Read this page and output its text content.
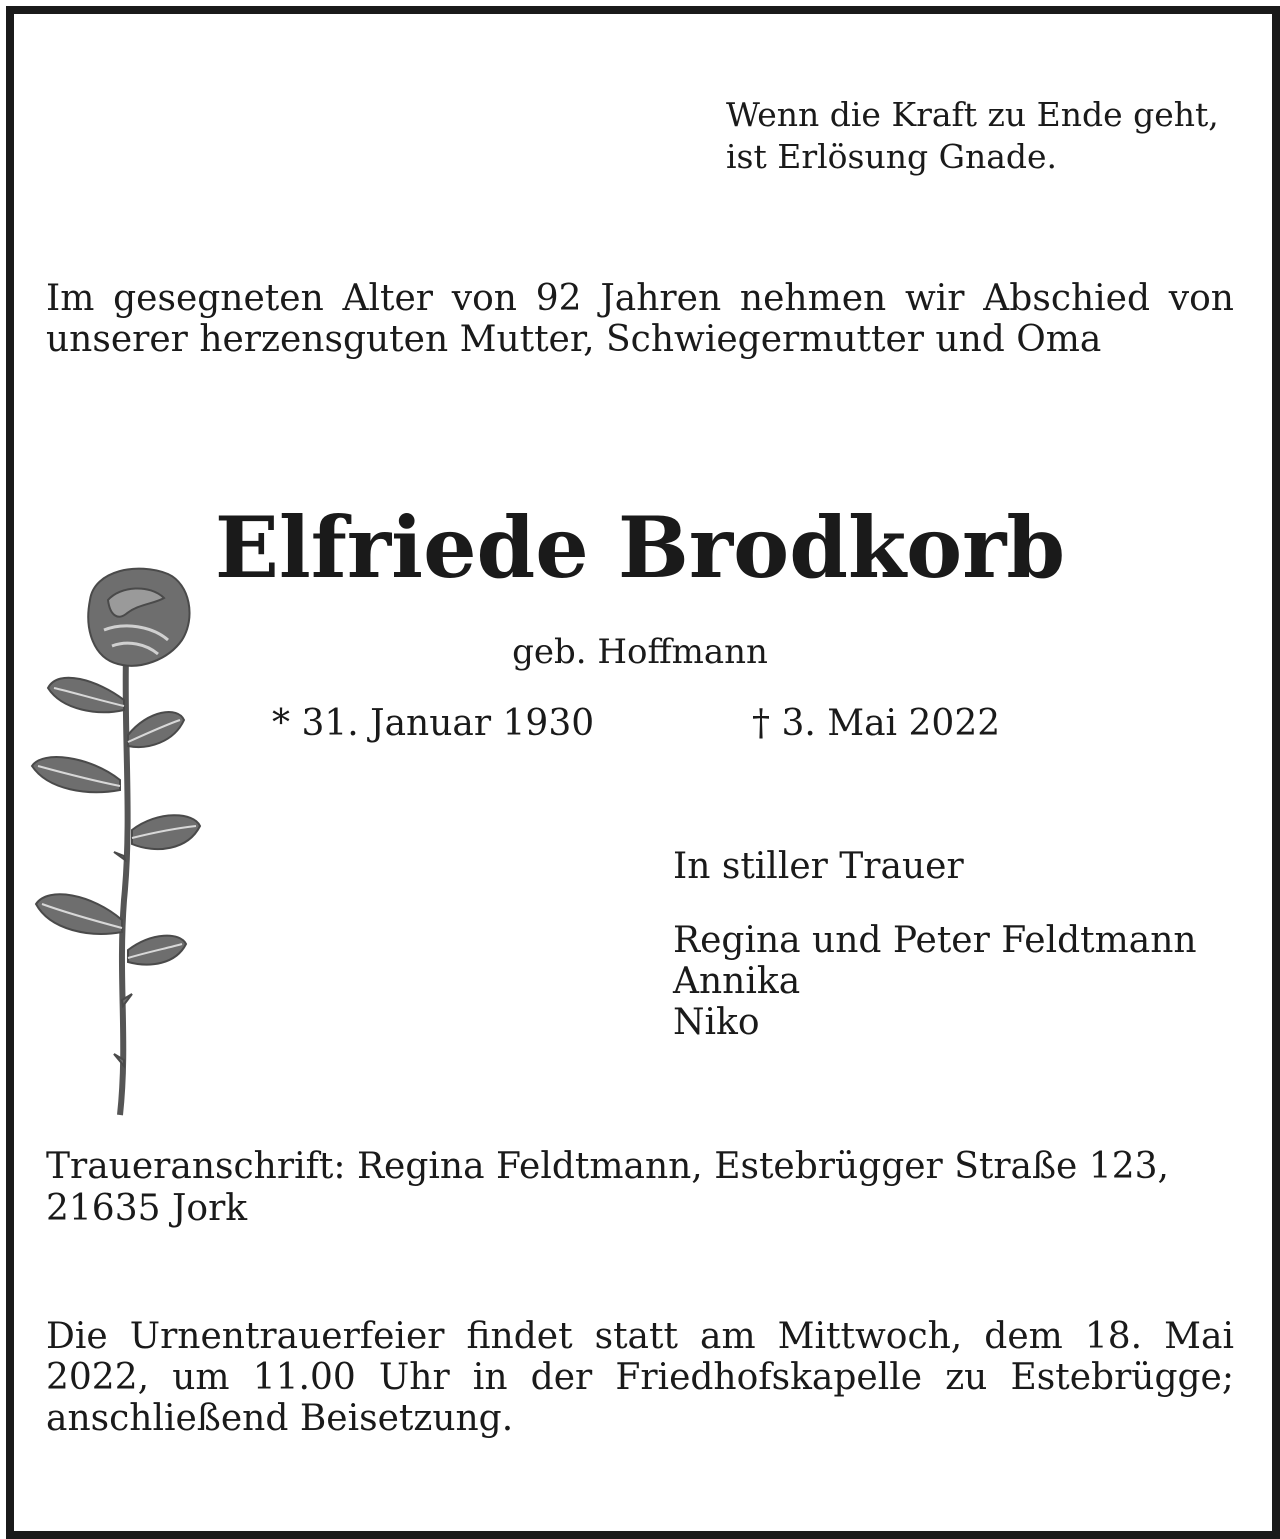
Wenn die Kraft zu Ende geht,
ist Erlösung Gnade.

Im gesegneten Alter von 92 Jahren nehmen wir Abschied von unserer herzensguten Mutter, Schwiegermutter und Oma

Elfriede Brodkorb
geb. Hoffmann
* 31. Januar 1930	† 3. Mai 2022
In stiller Trauer
Regina und Peter Feldtmann
Annika
Niko
Traueranschrift: Regina Feldtmann, Estebrügger Straße 123,
21635 Jork

Die Urnentrauerfeier findet statt am Mittwoch, dem 18. Mai 2022, um 11.00 Uhr in der Friedhofskapelle zu Estebrügge; anschließend Beisetzung.
